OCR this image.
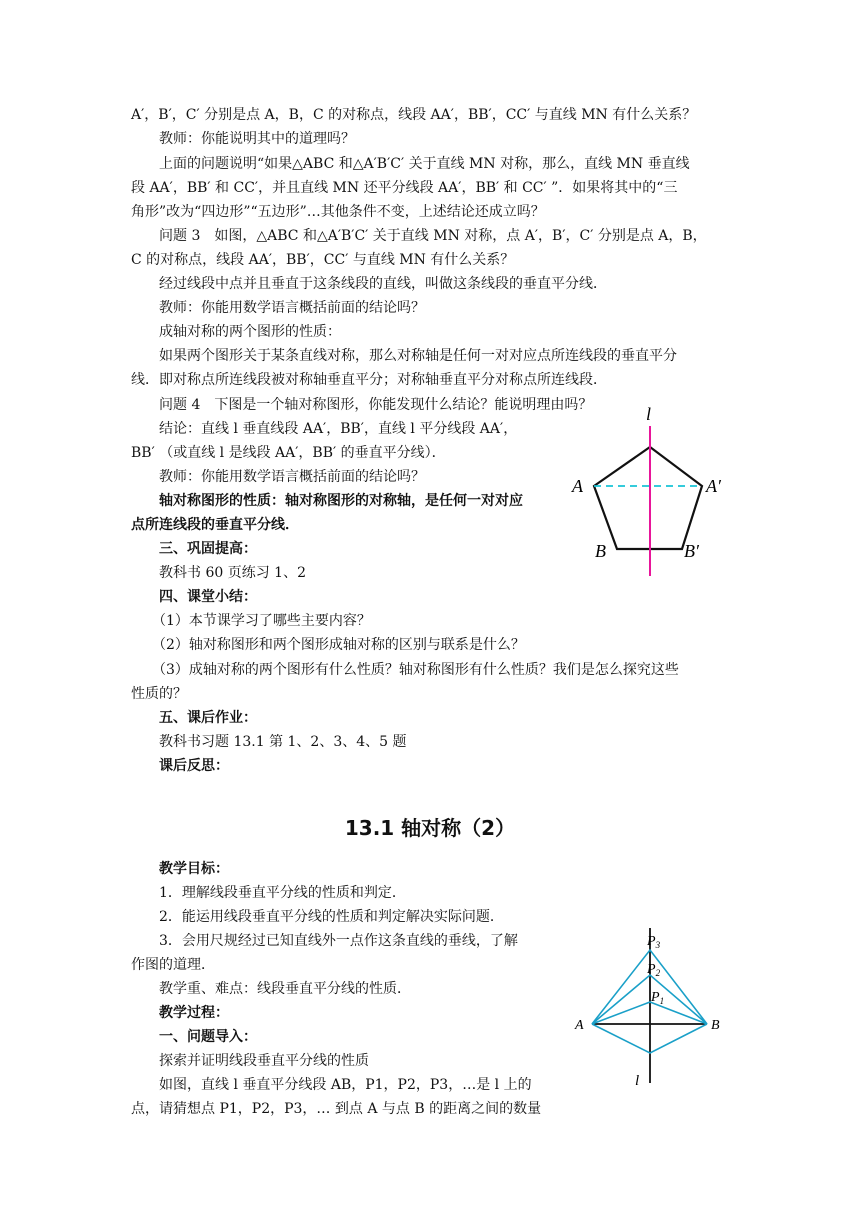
A′，B′，C′ 分别是点 A，B，C 的对称点，线段 AA′，BB′，CC′ 与直线 MN 有什么关系？
　　教师：你能说明其中的道理吗？
　　上面的问题说明“如果△ABC 和△A′B′C′ 关于直线 MN 对称，那么，直线 MN 垂直线
段 AA′，BB′ 和 CC′，并且直线 MN 还平分线段 AA′，BB′ 和 CC′ ”．如果将其中的“三
角形”改为“四边形”“五边形”…其他条件不变，上述结论还成立吗？
　　问题 3　如图，△ABC 和△A′B′C′ 关于直线 MN 对称，点 A′，B′，C′ 分别是点 A，B，
C 的对称点，线段 AA′，BB′，CC′ 与直线 MN 有什么关系？
　　经过线段中点并且垂直于这条线段的直线，叫做这条线段的垂直平分线．
　　教师：你能用数学语言概括前面的结论吗？
　　成轴对称的两个图形的性质：
　　如果两个图形关于某条直线对称，那么对称轴是任何一对对应点所连线段的垂直平分
线．即对称点所连线段被对称轴垂直平分；对称轴垂直平分对称点所连线段．
　　问题 4　下图是一个轴对称图形，你能发现什么结论？能说明理由吗？
　　结论：直线 l 垂直线段 AA′，BB′，直线 l 平分线段 AA′，
BB′ （或直线 l 是线段 AA′，BB′ 的垂直平分线）．
　　教师：你能用数学语言概括前面的结论吗？
　　轴对称图形的性质：轴对称图形的对称轴，是任何一对对应
点所连线段的垂直平分线．
　　三、巩固提高：
　　教科书 60 页练习 1、2
　　四、课堂小结：
　　（1）本节课学习了哪些主要内容？
　　（2）轴对称图形和两个图形成轴对称的区别与联系是什么？
　　（3）成轴对称的两个图形有什么性质？轴对称图形有什么性质？我们是怎么探究这些
性质的？
　　五、课后作业：
　　教科书习题 13.1 第 1、2、3、4、5 题
　　课后反思：
13.1 轴对称（2）
　　教学目标：
　　1．理解线段垂直平分线的性质和判定．
　　2．能运用线段垂直平分线的性质和判定解决实际问题．
　　3．会用尺规经过已知直线外一点作这条直线的垂线，了解
作图的道理．
　　教学重、难点：线段垂直平分线的性质．
　　教学过程：
　　一、问题导入：
　　探索并证明线段垂直平分线的性质
　　如图，直线 l 垂直平分线段 AB，P1，P2，P3，…是 l 上的
点，请猜想点 P1，P2，P3，… 到点 A 与点 B 的距离之间的数量
l
A	A′
B	B′
$P_3$
$P_2$
$P_1$
A	B
l
